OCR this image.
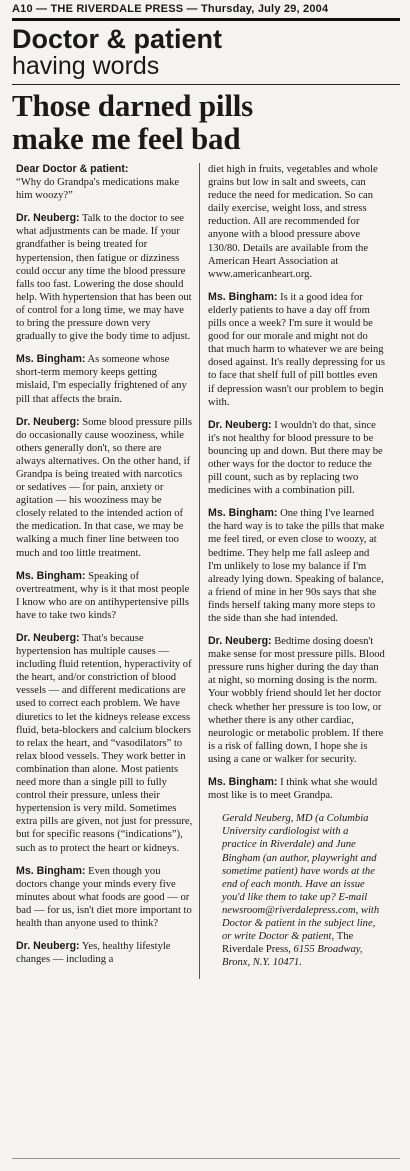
A10 — THE RIVERDALE PRESS — Thursday, July 29, 2004
Doctor & patient
having words
Those darned pills
make me feel bad

Dear Doctor & patient:
“Why do Grandpa's medications make him woozy?”

Dr. Neuberg: Talk to the doctor to see what adjustments can be made. If your grandfather is being treated for hypertension, then fatigue or dizziness could occur any time the blood pressure falls too fast. Lowering the dose should help. With hypertension that has been out of control for a long time, we may have to bring the pressure down very gradually to give the body time to adjust.

Ms. Bingham: As someone whose short-term memory keeps getting mislaid, I'm especially frightened of any pill that affects the brain.

Dr. Neuberg: Some blood pressure pills do occasionally cause wooziness, while others generally don't, so there are always alternatives. On the other hand, if Grandpa is being treated with narcotics or sedatives — for pain, anxiety or agitation — his wooziness may be closely related to the intended action of the medication. In that case, we may be walking a much finer line between too much and too little treatment.

Ms. Bingham: Speaking of overtreatment, why is it that most people I know who are on antihypertensive pills have to take two kinds?

Dr. Neuberg: That's because hypertension has multiple causes — including fluid retention, hyperactivity of the heart, and/or constriction of blood vessels — and different medications are used to correct each problem. We have diuretics to let the kidneys release excess fluid, beta-blockers and calcium blockers to relax the heart, and “vasodilators” to relax blood vessels. They work better in combination than alone. Most patients need more than a single pill to fully control their pressure, unless their hypertension is very mild. Sometimes extra pills are given, not just for pressure, but for specific reasons (“indications”), such as to protect the heart or kidneys.

Ms. Bingham: Even though you doctors change your minds every five minutes about what foods are good — or bad — for us, isn't diet more important to health than anyone used to think?

Dr. Neuberg: Yes, healthy lifestyle changes — including a

diet high in fruits, vegetables and whole grains but low in salt and sweets, can reduce the need for medication. So can daily exercise, weight loss, and stress reduction. All are recommended for anyone with a blood pressure above 130/80. Details are available from the American Heart Association at www.americanheart.org.

Ms. Bingham: Is it a good idea for elderly patients to have a day off from pills once a week? I'm sure it would be good for our morale and might not do that much harm to whatever we are being dosed against. It's really depressing for us to face that shelf full of pill bottles even if depression wasn't our problem to begin with.

Dr. Neuberg: I wouldn't do that, since it's not healthy for blood pressure to be bouncing up and down. But there may be other ways for the doctor to reduce the pill count, such as by replacing two medicines with a combination pill.

Ms. Bingham: One thing I've learned the hard way is to take the pills that make me feel tired, or even close to woozy, at bedtime. They help me fall asleep and I'm unlikely to lose my balance if I'm already lying down. Speaking of balance, a friend of mine in her 90s says that she finds herself taking many more steps to the side than she had intended.

Dr. Neuberg: Bedtime dosing doesn't make sense for most pressure pills. Blood pressure runs higher during the day than at night, so morning dosing is the norm. Your wobbly friend should let her doctor check whether her pressure is too low, or whether there is any other cardiac, neurologic or metabolic problem. If there is a risk of falling down, I hope she is using a cane or walker for security.

Ms. Bingham: I think what she would most like is to meet Grandpa.

Gerald Neuberg, MD (a Columbia University cardiologist with a practice in Riverdale) and June Bingham (an author, playwright and sometime patient) have words at the end of each month. Have an issue you'd like them to take up? E-mail newsroom@riverdalepress.com, with Doctor & patient in the subject line, or write Doctor & patient, The Riverdale Press, 6155 Broadway, Bronx, N.Y. 10471.
